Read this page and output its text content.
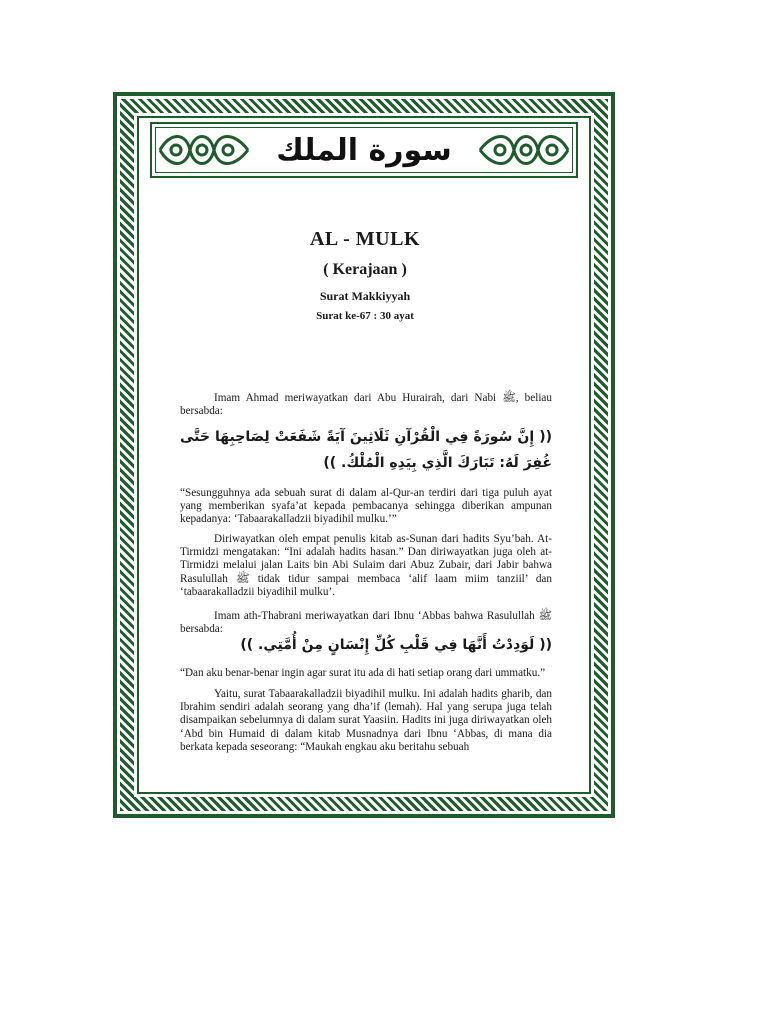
سورة الملك
AL - MULK
( Kerajaan )
Surat Makkiyyah
Surat ke-67 : 30 ayat

Imam Ahmad meriwayatkan dari Abu Hurairah, dari Nabi ﷺ, beliau bersabda:

(( إِنَّ سُورَةً فِي الْقُرْآنِ ثَلَاثِينَ آيَةً شَفَعَتْ لِصَاحِبِهَا حَتَّى غُفِرَ لَهُ: تَبَارَكَ الَّذِي بِيَدِهِ الْمُلْكُ. ))

“Sesungguhnya ada sebuah surat di dalam al-Qur-an terdiri dari tiga puluh ayat yang memberikan syafa’at kepada pembacanya sehingga diberikan ampunan kepadanya: ‘Tabaarakalladzii biyadihil mulku.’”

Diriwayatkan oleh empat penulis kitab as-Sunan dari hadits Syu’bah. At-Tirmidzi mengatakan: “Ini adalah hadits hasan.” Dan diriwayatkan juga oleh at-Tirmidzi melalui jalan Laits bin Abi Sulaim dari Abuz Zubair, dari Jabir bahwa Rasulullah ﷺ tidak tidur sampai membaca ‘alif laam miim tanziil’ dan ‘tabaarakalladzii biyadihil mulku’.

Imam ath-Thabrani meriwayatkan dari Ibnu ‘Abbas bahwa Rasulullah ﷺ bersabda:

(( لَوَدِدْتُ أَنَّهَا فِي قَلْبِ كُلِّ إِنْسَانٍ مِنْ أُمَّتِي. ))

“Dan aku benar-benar ingin agar surat itu ada di hati setiap orang dari ummatku.”

Yaitu, surat Tabaarakalladzii biyadihil mulku. Ini adalah hadits gharib, dan Ibrahim sendiri adalah seorang yang dha’if (lemah). Hal yang serupa juga telah disampaikan sebelumnya di dalam surat Yaasiin. Hadits ini juga diriwayatkan oleh ‘Abd bin Humaid di dalam kitab Musnadnya dari Ibnu ‘Abbas, di mana dia berkata kepada seseorang: “Maukah engkau aku beritahu sebuah
